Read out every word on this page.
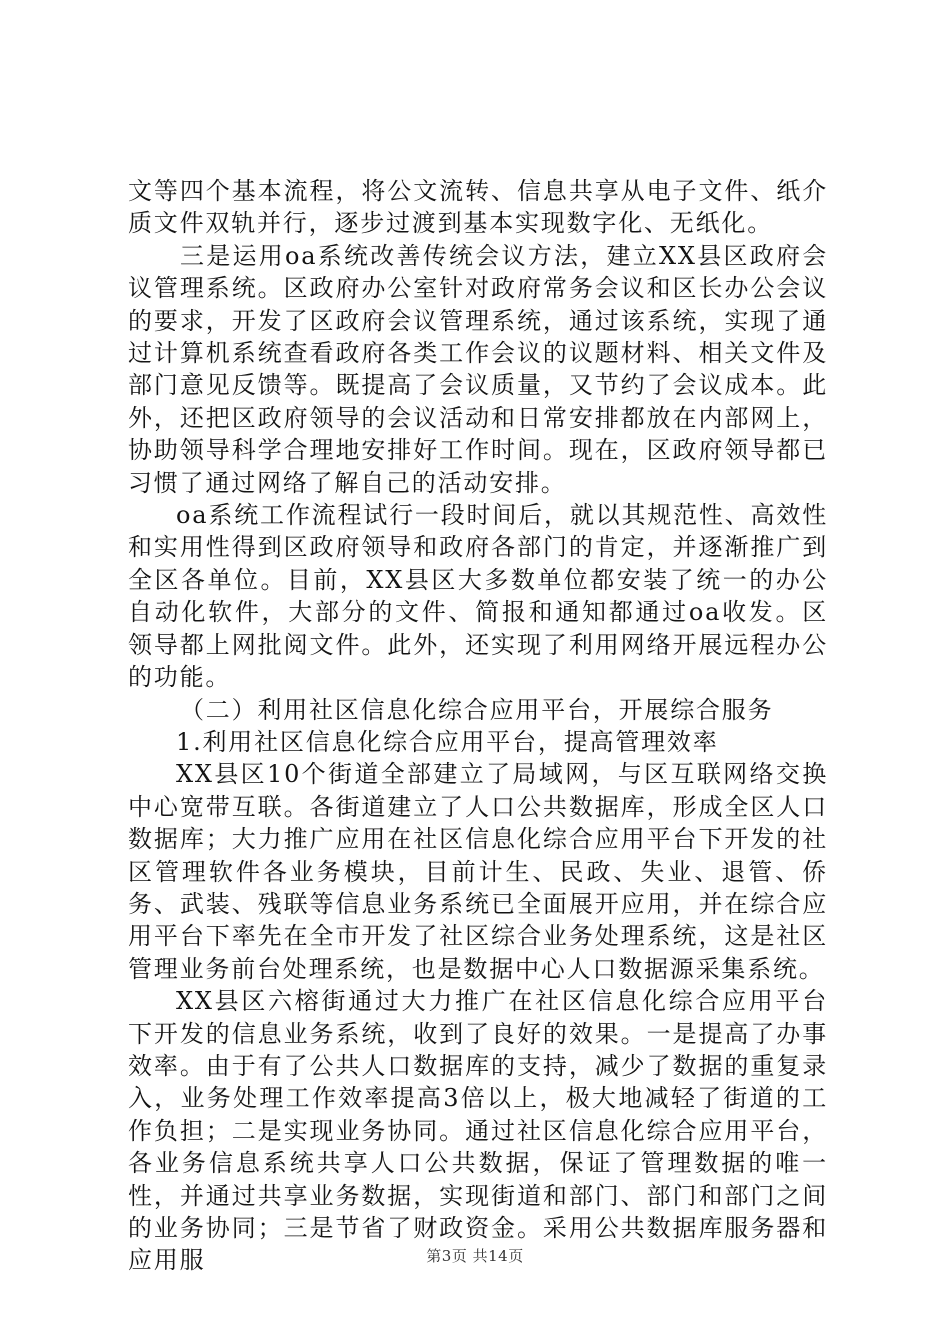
文等四个基本流程，将公文流转、信息共享从电子文件、纸介质文件双轨并行，逐步过渡到基本实现数字化、无纸化。

三是运用oa系统改善传统会议方法，建立XX县区政府会议管理系统。区政府办公室针对政府常务会议和区长办公会议的要求，开发了区政府会议管理系统，通过该系统，实现了通过计算机系统查看政府各类工作会议的议题材料、相关文件及部门意见反馈等。既提高了会议质量，又节约了会议成本。此外，还把区政府领导的会议活动和日常安排都放在内部网上，协助领导科学合理地安排好工作时间。现在，区政府领导都已习惯了通过网络了解自己的活动安排。

oa系统工作流程试行一段时间后，就以其规范性、高效性和实用性得到区政府领导和政府各部门的肯定，并逐渐推广到全区各单位。目前，XX县区大多数单位都安装了统一的办公自动化软件，大部分的文件、简报和通知都通过oa收发。区领导都上网批阅文件。此外，还实现了利用网络开展远程办公的功能。

（二）利用社区信息化综合应用平台，开展综合服务

1.利用社区信息化综合应用平台，提高管理效率

XX县区10个街道全部建立了局域网，与区互联网络交换中心宽带互联。各街道建立了人口公共数据库，形成全区人口数据库；大力推广应用在社区信息化综合应用平台下开发的社区管理软件各业务模块，目前计生、民政、失业、退管、侨务、武装、残联等信息业务系统已全面展开应用，并在综合应用平台下率先在全市开发了社区综合业务处理系统，这是社区管理业务前台处理系统，也是数据中心人口数据源采集系统。

XX县区六榕街通过大力推广在社区信息化综合应用平台下开发的信息业务系统，收到了良好的效果。一是提高了办事效率。由于有了公共人口数据库的支持，减少了数据的重复录入，业务处理工作效率提高3倍以上，极大地减轻了街道的工作负担；二是实现业务协同。通过社区信息化综合应用平台，各业务信息系统共享人口公共数据，保证了管理数据的唯一性，并通过共享业务数据，实现街道和部门、部门和部门之间的业务协同；三是节省了财政资金。采用公共数据库服务器和应用服	第3页 共14页
